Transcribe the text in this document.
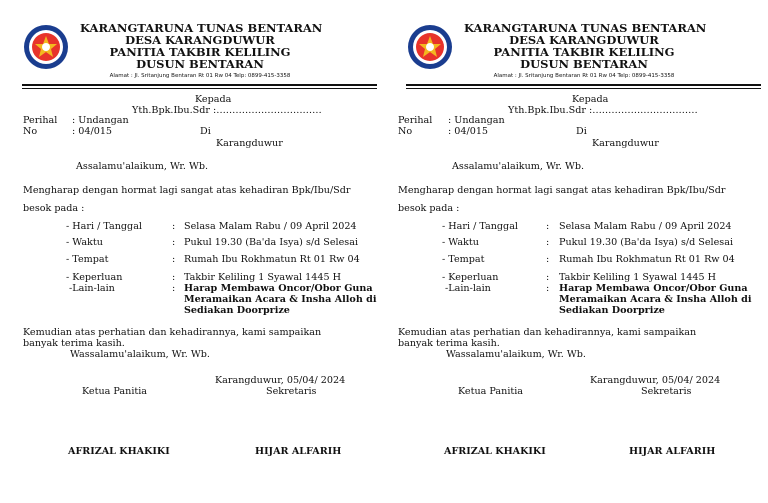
KARANGTARUNA TUNAS BENTARAN
DESA KARANGDUWUR
PANITIA TAKBIR KELILING
DUSUN BENTARAN
Alamat : Jl. Sritanjung Bentaran Rt 01 Rw 04 Telp: 0899-415-3358
Kepada
Yth.Bpk.Ibu.Sdr :……………………………
Perihal : Undangan
No	: 04/015	Di
Karangduwur
Assalamu'alaikum, Wr. Wb.
Mengharap dengan hormat lagi sangat atas kehadiran Bpk/Ibu/Sdr
besok pada :
- Hari / Tanggal	: Selasa Malam Rabu / 09 April 2024
- Waktu	: Pukul 19.30 (Ba'da Isya) s/d Selesai
- Tempat	: Rumah Ibu Rokhmatun Rt 01 Rw 04
- Keperluan	: Takbir Keliling 1 Syawal 1445 H
-Lain-lain	: Harap Membawa Oncor/Obor Guna
Meramaikan Acara & Insha Alloh di
Sediakan Doorprize
Kemudian atas perhatian dan kehadirannya, kami sampaikan
banyak terima kasih.
Wassalamu'alaikum, Wr. Wb.
Karangduwur, 05/04/ 2024
Ketua Panitia	Sekretaris
AFRIZAL KHAKIKI	HIJAR ALFARIH
KARANGTARUNA TUNAS BENTARAN
DESA KARANGDUWUR
PANITIA TAKBIR KELILING
DUSUN BENTARAN
Alamat : Jl. Sritanjung Bentaran Rt 01 Rw 04 Telp: 0899-415-3358
Kepada
Yth.Bpk.Ibu.Sdr :……………………………
Perihal : Undangan
No	: 04/015	Di
Karangduwur
Assalamu'alaikum, Wr. Wb.
Mengharap dengan hormat lagi sangat atas kehadiran Bpk/Ibu/Sdr
besok pada :
- Hari / Tanggal	: Selasa Malam Rabu / 09 April 2024
- Waktu	: Pukul 19.30 (Ba'da Isya) s/d Selesai
- Tempat	: Rumah Ibu Rokhmatun Rt 01 Rw 04
- Keperluan	: Takbir Keliling 1 Syawal 1445 H
-Lain-lain	: Harap Membawa Oncor/Obor Guna
Meramaikan Acara & Insha Alloh di
Sediakan Doorprize
Kemudian atas perhatian dan kehadirannya, kami sampaikan
banyak terima kasih.
Wassalamu'alaikum, Wr. Wb.
Karangduwur, 05/04/ 2024
Ketua Panitia	Sekretaris
AFRIZAL KHAKIKI	HIJAR ALFARIH
